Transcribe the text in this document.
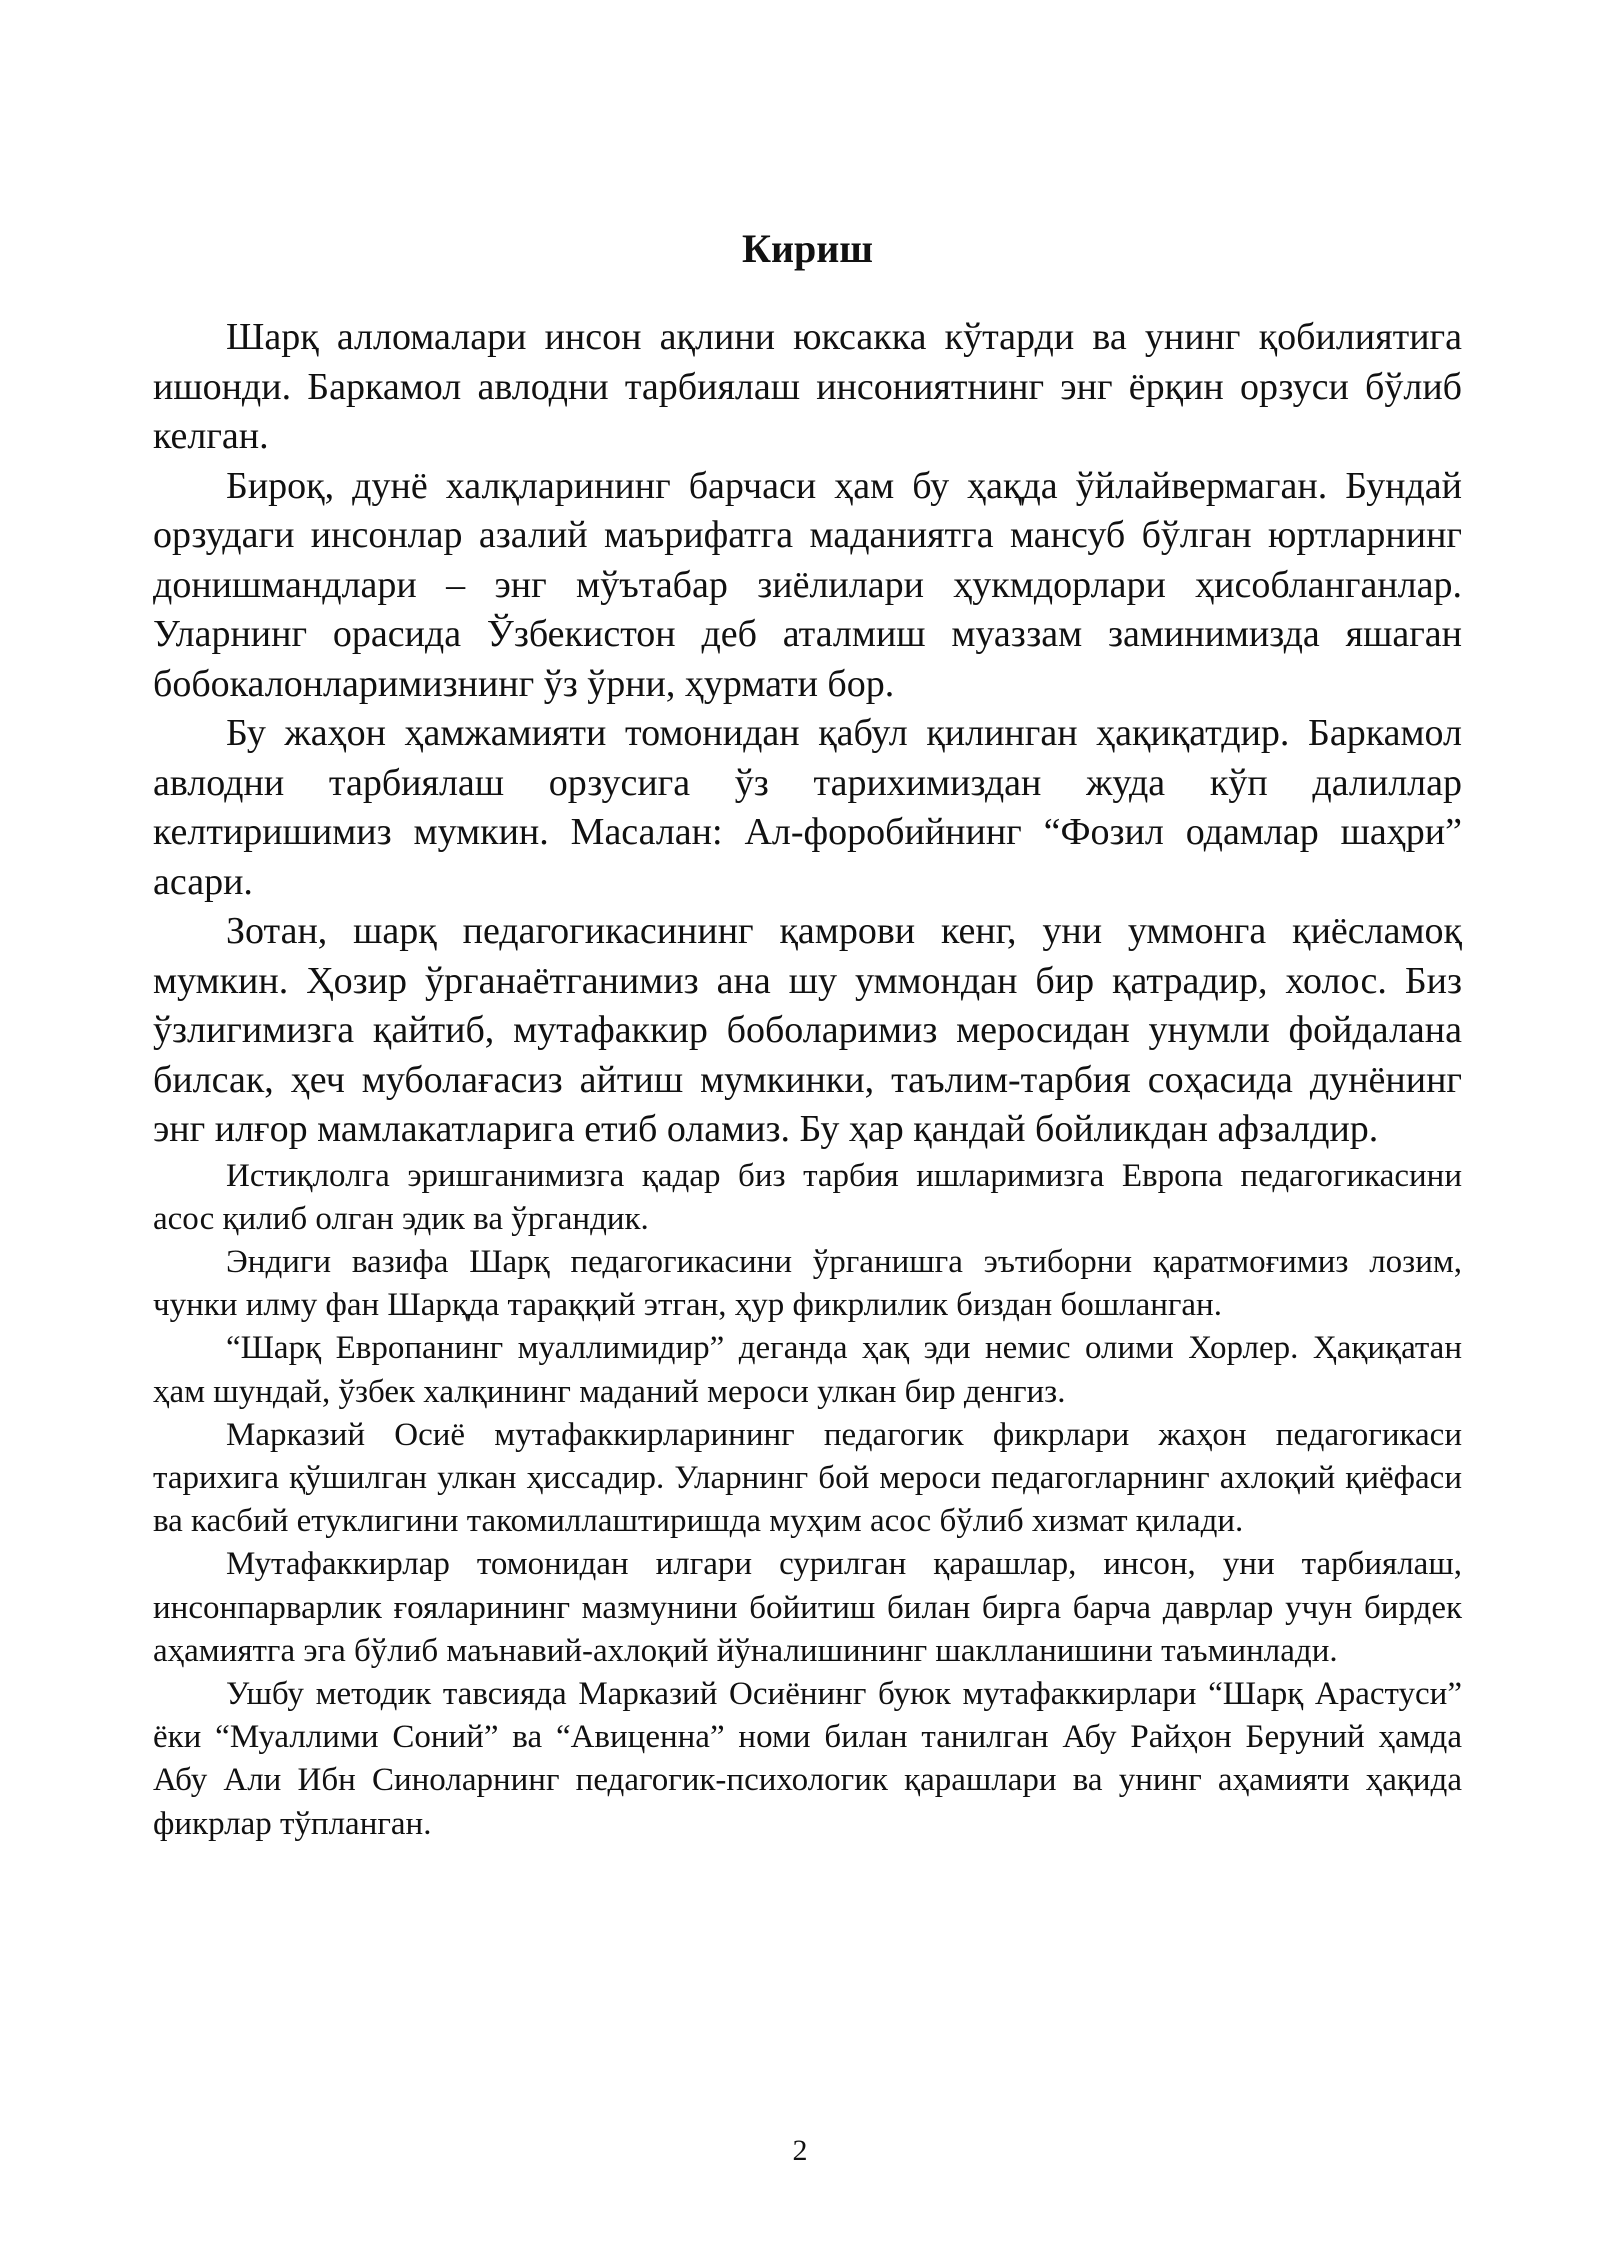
Кириш

Шарқ алломалари инсон ақлини юксакка кўтарди ва унинг қобилиятига ишонди. Баркамол авлодни тарбиялаш инсониятнинг энг ёрқин орзуси бўлиб келган.

Бироқ, дунё халқларининг барчаси ҳам бу ҳақда ўйлайвермаган. Бундай орзудаги инсонлар азалий маърифатга маданиятга мансуб бўлган юртларнинг донишмандлари – энг мўътабар зиёлилари ҳукмдорлари ҳисобланганлар. Уларнинг орасида Ўзбекистон деб аталмиш муаззам заминимизда яшаган бобокалонларимизнинг ўз ўрни, ҳурмати бор.

Бу жаҳон ҳамжамияти томонидан қабул қилинган ҳақиқатдир. Баркамол авлодни тарбиялаш орзусига ўз тарихимиздан жуда кўп далиллар келтиришимиз мумкин. Масалан: Ал-форобийнинг “Фозил одамлар шаҳри” асари.

Зотан, шарқ педагогикасининг қамрови кенг, уни уммонга қиёсламоқ мумкин. Ҳозир ўрганаётганимиз ана шу уммондан бир қатрадир, холос. Биз ўзлигимизга қайтиб, мутафаккир боболаримиз меросидан унумли фойдалана билсак, ҳеч муболағасиз айтиш мумкинки, таълим-тарбия соҳасида дунёнинг энг илғор мамлакатларига етиб оламиз. Бу ҳар қандай бойликдан афзалдир.

Истиқлолга эришганимизга қадар биз тарбия ишларимизга Европа педагогикасини асос қилиб олган эдик ва ўргандик.

Эндиги вазифа Шарқ педагогикасини ўрганишга эътиборни қаратмоғимиз лозим, чунки илму фан Шарқда тараққий этган, ҳур фикрлилик биздан бошланган.

“Шарқ Европанинг муаллимидир” деганда ҳақ эди немис олими Хорлер. Ҳақиқатан ҳам шундай, ўзбек халқининг маданий мероси улкан бир денгиз.

Марказий Осиё мутафаккирларининг педагогик фикрлари жаҳон педагогикаси тарихига қўшилган улкан ҳиссадир. Уларнинг бой мероси педагогларнинг ахлоқий қиёфаси ва касбий етуклигини такомиллаштиришда муҳим асос бўлиб хизмат қилади.

Мутафаккирлар томонидан илгари сурилган қарашлар, инсон, уни тарбиялаш, инсонпарварлик ғояларининг мазмунини бойитиш билан бирга барча даврлар учун бирдек аҳамиятга эга бўлиб маънавий-ахлоқий йўналишининг шаклланишини таъминлади.

Ушбу методик тавсияда Марказий Осиёнинг буюк мутафаккирлари “Шарқ Арастуси” ёки “Муаллими Соний” ва “Авиценна” номи билан танилган Абу Райҳон Беруний ҳамда Абу Али Ибн Синоларнинг педагогик-психологик қарашлари ва унинг аҳамияти ҳақида фикрлар тўпланган.

2
